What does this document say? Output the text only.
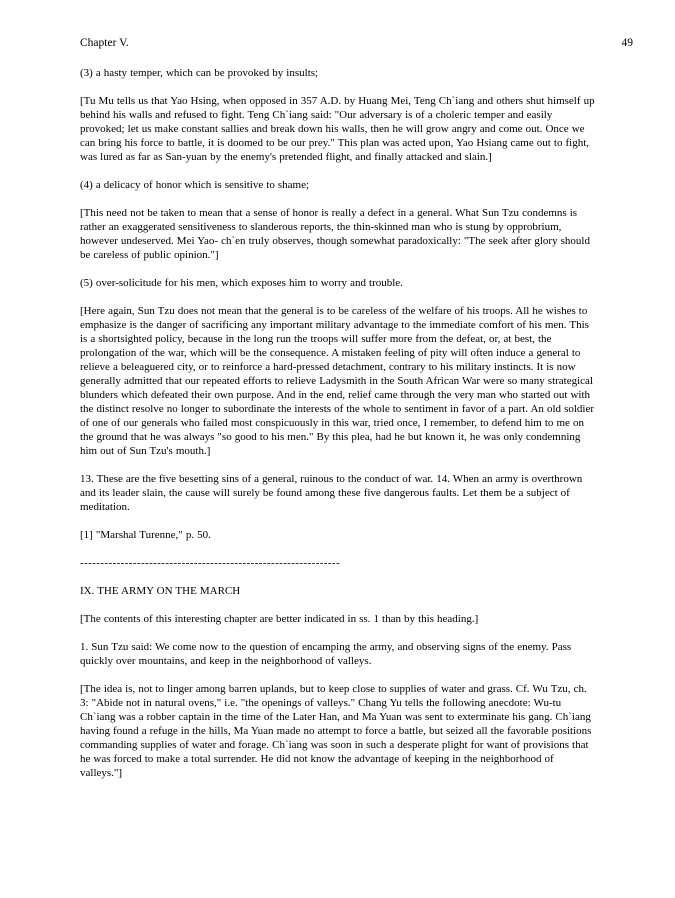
Chapter V.	49

(3) a hasty temper, which can be provoked by insults;

[Tu Mu tells us that Yao Hsing, when opposed in 357 A.D. by Huang Mei, Teng Ch`iang and others shut himself up behind his walls and refused to fight. Teng Ch`iang said: "Our adversary is of a choleric temper and easily provoked; let us make constant sallies and break down his walls, then he will grow angry and come out. Once we can bring his force to battle, it is doomed to be our prey." This plan was acted upon, Yao Hsiang came out to fight, was lured as far as San-yuan by the enemy's pretended flight, and finally attacked and slain.]

(4) a delicacy of honor which is sensitive to shame;

[This need not be taken to mean that a sense of honor is really a defect in a general. What Sun Tzu condemns is rather an exaggerated sensitiveness to slanderous reports, the thin-skinned man who is stung by opprobrium, however undeserved. Mei Yao- ch`en truly observes, though somewhat paradoxically: "The seek after glory should be careless of public opinion."]

(5) over-solicitude for his men, which exposes him to worry and trouble.

[Here again, Sun Tzu does not mean that the general is to be careless of the welfare of his troops. All he wishes to emphasize is the danger of sacrificing any important military advantage to the immediate comfort of his men. This is a shortsighted policy, because in the long run the troops will suffer more from the defeat, or, at best, the prolongation of the war, which will be the consequence. A mistaken feeling of pity will often induce a general to relieve a beleaguered city, or to reinforce a hard-pressed detachment, contrary to his military instincts. It is now generally admitted that our repeated efforts to relieve Ladysmith in the South African War were so many strategical blunders which defeated their own purpose. And in the end, relief came through the very man who started out with the distinct resolve no longer to subordinate the interests of the whole to sentiment in favor of a part. An old soldier of one of our generals who failed most conspicuously in this war, tried once, I remember, to defend him to me on the ground that he was always "so good to his men." By this plea, had he but known it, he was only condemning him out of Sun Tzu's mouth.]

13. These are the five besetting sins of a general, ruinous to the conduct of war. 14. When an army is overthrown and its leader slain, the cause will surely be found among these five dangerous faults. Let them be a subject of meditation.

[1] "Marshal Turenne," p. 50.

----------------------------------------------------------------

IX. THE ARMY ON THE MARCH

[The contents of this interesting chapter are better indicated in ss. 1 than by this heading.]

1. Sun Tzu said: We come now to the question of encamping the army, and observing signs of the enemy. Pass quickly over mountains, and keep in the neighborhood of valleys.

[The idea is, not to linger among barren uplands, but to keep close to supplies of water and grass. Cf. Wu Tzu, ch. 3: "Abide not in natural ovens," i.e. "the openings of valleys." Chang Yu tells the following anecdote: Wu-tu Ch`iang was a robber captain in the time of the Later Han, and Ma Yuan was sent to exterminate his gang. Ch`iang having found a refuge in the hills, Ma Yuan made no attempt to force a battle, but seized all the favorable positions commanding supplies of water and forage. Ch`iang was soon in such a desperate plight for want of provisions that he was forced to make a total surrender. He did not know the advantage of keeping in the neighborhood of valleys."]
